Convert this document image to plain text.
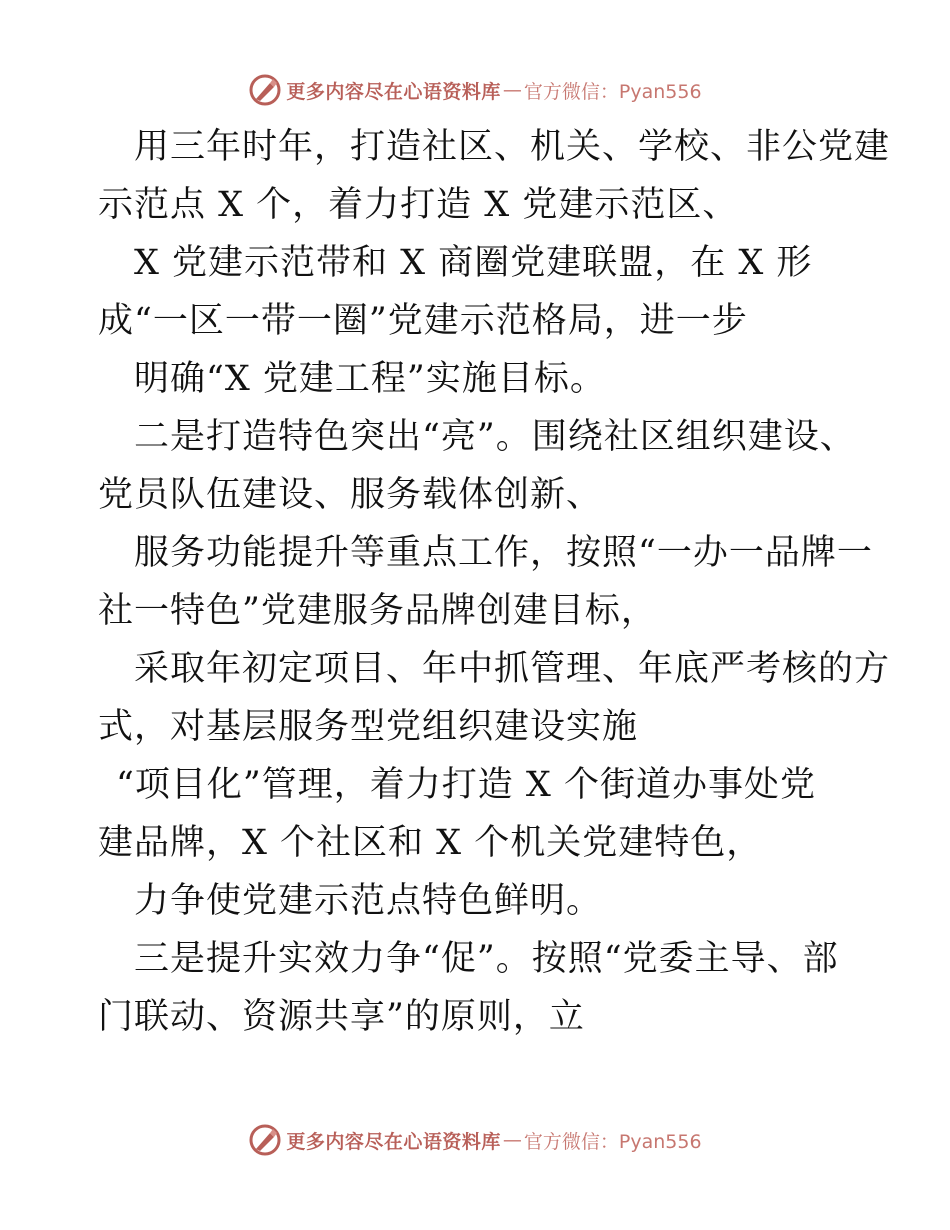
更多内容尽在心语资料库 — 官方微信：Pyan556
用三年时年，打造社区、机关、学校、非公党建
示范点 X 个，着力打造 X 党建示范区、
X 党建示范带和 X 商圈党建联盟，在 X 形
成“一区一带一圈”党建示范格局，进一步
明确“X 党建工程”实施目标。
二是打造特色突出“亮”。围绕社区组织建设、
党员队伍建设、服务载体创新、
服务功能提升等重点工作，按照“一办一品牌一
社一特色”党建服务品牌创建目标，
采取年初定项目、年中抓管理、年底严考核的方
式，对基层服务型党组织建设实施
“项目化”管理，着力打造 X 个街道办事处党
建品牌，X 个社区和 X 个机关党建特色，
力争使党建示范点特色鲜明。
三是提升实效力争“促”。按照“党委主导、部
门联动、资源共享”的原则，立
更多内容尽在心语资料库 — 官方微信：Pyan556
